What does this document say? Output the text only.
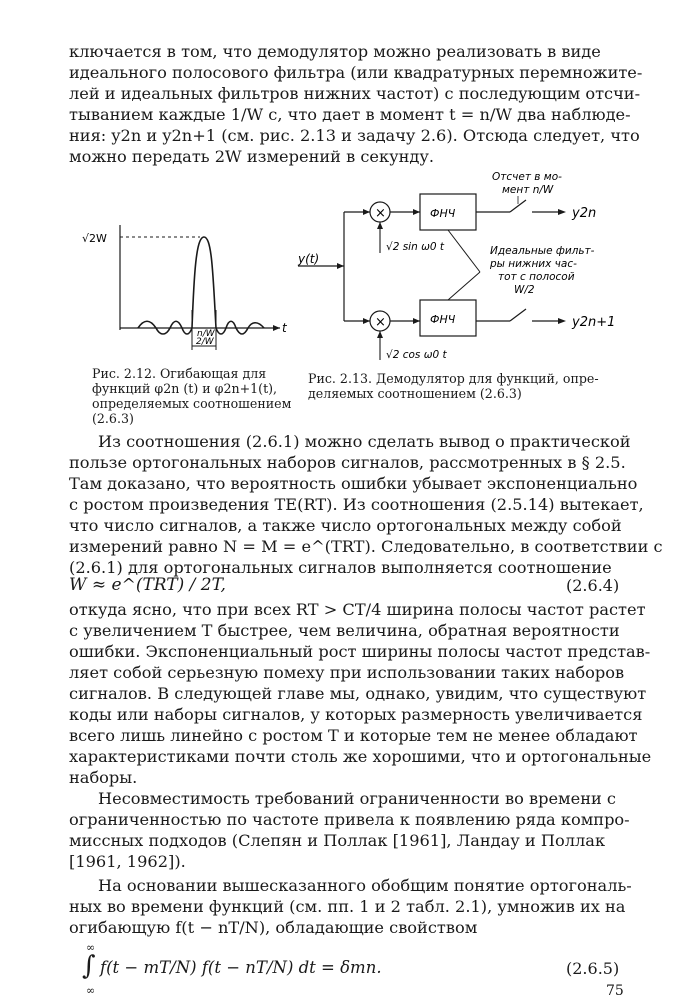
ключается в том, что демодулятор можно реализовать в виде
идеального полосового фильтра (или квадратурных перемножите-
лей и идеальных фильтров нижних частот) с последующим отсчи-
тыванием каждые 1/W с, что дает в момент t = n/W два наблюде-
ния: y2n и y2n+1 (см. рис. 2.13 и задачу 2.6). Отсюда следует, что
можно передать 2W измерений в секунду.
√2W
t
n/W
2/W
Рис. 2.12. Огибающая для
функций φ2n (t) и φ2n+1(t),
определяемых соотношением
(2.6.3)
y(t)
×
×
√2 sin ω0 t
√2 cos ω0 t
ФНЧ
ФНЧ
y2n
y2n+1
Отсчет в мо-
мент n/W
Идеальные фильт-
ры нижних час-
тот с полосой
W/2
Рис. 2.13. Демодулятор для функций, опре-
деляемых соотношением (2.6.3)
Из соотношения (2.6.1) можно сделать вывод о практической
пользе ортогональных наборов сигналов, рассмотренных в § 2.5.
Там доказано, что вероятность ошибки убывает экспоненциально
с ростом произведения TE(RT). Из соотношения (2.5.14) вытекает,
что число сигналов, а также число ортогональных между собой
измерений равно N = M = e^(TRT). Следовательно, в соответствии с
(2.6.1) для ортогональных сигналов выполняется соотношение
W ≈ e^(TRT) / 2T,	(2.6.4)
откуда ясно, что при всех RT > CT/4 ширина полосы частот растет
с увеличением T быстрее, чем величина, обратная вероятности
ошибки. Экспоненциальный рост ширины полосы частот представ-
ляет собой серьезную помеху при использовании таких наборов
сигналов. В следующей главе мы, однако, увидим, что существуют
коды или наборы сигналов, у которых размерность увеличивается
всего лишь линейно с ростом T и которые тем не менее обладают
характеристиками почти столь же хорошими, что и ортогональные
наборы.
Несовместимость требований ограниченности во времени с
ограниченностью по частоте привела к появлению ряда компро-
миссных подходов (Слепян и Поллак [1961], Ландау и Поллак
[1961, 1962]).
На основании вышесказанного обобщим понятие ортогональ-
ных во времени функций (см. пп. 1 и 2 табл. 2.1), умножив их на
огибающую f(t − nT/N), обладающие свойством
∞
∫
∞
f(t − mT/N) f(t − nT/N) dt = δmn.	(2.6.5)
75
